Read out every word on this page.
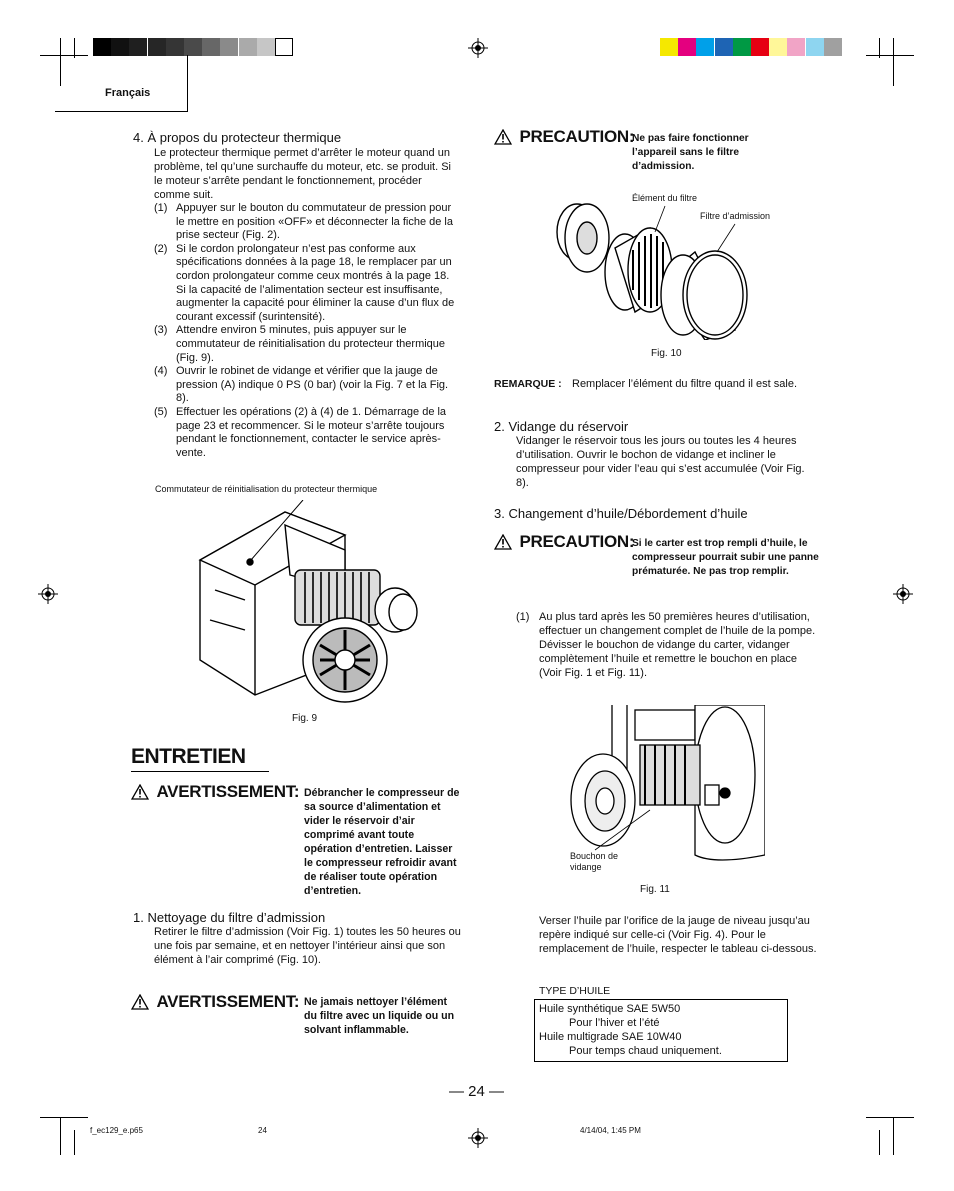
Français
4. À propos du protecteur thermique
Le protecteur thermique permet d’arrêter le moteur quand un problème, tel qu’une surchauffe du moteur, etc. se produit. Si le moteur s’arrête pendant le fonctionnement, procéder comme suit.
(1) Appuyer sur le bouton du commutateur de pression pour le mettre en position «OFF» et déconnecter la fiche de la prise secteur (Fig. 2).
(2) Si le cordon prolongateur n’est pas conforme aux spécifications données à la page 18, le remplacer par un cordon prolongateur comme ceux montrés à la page 18. Si la capacité de l’alimentation secteur est insuffisante, augmenter la capacité pour éliminer la cause d’un flux de courant excessif (surintensité).
(3) Attendre environ 5 minutes, puis appuyer sur le commutateur de réinitialisation du protecteur thermique (Fig. 9).
(4) Ouvrir le robinet de vidange et vérifier que la jauge de pression (A) indique 0 PS (0 bar) (voir la Fig. 7 et la Fig. 8).
(5) Effectuer les opérations (2) à (4) de 1. Démarrage de la page 23 et recommencer. Si le moteur s’arrête toujours pendant le fonctionnement, contacter le service après-vente.
Commutateur de réinitialisation du protecteur thermique
Fig. 9
ENTRETIEN
AVERTISSEMENT: Débrancher le compresseur de sa source d’alimentation et vider le réservoir d’air comprimé avant toute opération d’entretien. Laisser le compresseur refroidir avant de réaliser toute opération d’entretien.
1. Nettoyage du filtre d’admission
Retirer le filtre d’admission (Voir Fig. 1) toutes les 50 heures ou une fois par semaine, et en nettoyer l’intérieur ainsi que son élément à l’air comprimé (Fig. 10).
AVERTISSEMENT: Ne jamais nettoyer l’élément du filtre avec un liquide ou un solvant inflammable.
PRECAUTION:
Ne pas faire fonctionner l’appareil sans le filtre d’admission.
Élément du filtre
Filtre d’admission
Fig. 10
REMARQUE : Remplacer l’élément du filtre quand il est sale.
2. Vidange du réservoir
Vidanger le réservoir tous les jours ou toutes les 4 heures d’utilisation. Ouvrir le bochon de vidange et incliner le compresseur pour vider l’eau qui s’est accumulée (Voir Fig. 8).
3. Changement d’huile/Débordement d’huile
PRECAUTION:
Si le carter est trop rempli d’huile, le compresseur pourrait subir une panne prématurée. Ne pas trop remplir.
(1) Au plus tard après les 50 premières heures d’utilisation, effectuer un changement complet de l’huile de la pompe. Dévisser le bouchon de vidange du carter, vidanger complètement l’huile et remettre le bouchon en place (Voir Fig. 1 et Fig. 11).
Bouchon de vidange
Fig. 11
Verser l’huile par l’orifice de la jauge de niveau jusqu’au repère indiqué sur celle-ci (Voir Fig. 4). Pour le remplacement de l’huile, respecter le tableau ci-dessous.
TYPE D’HUILE
Huile synthétique SAE 5W50
Pour l’hiver et l’été
Huile multigrade SAE 10W40
Pour temps chaud uniquement.
— 24 —
f_ec129_e.p65	24	4/14/04, 1:45 PM
